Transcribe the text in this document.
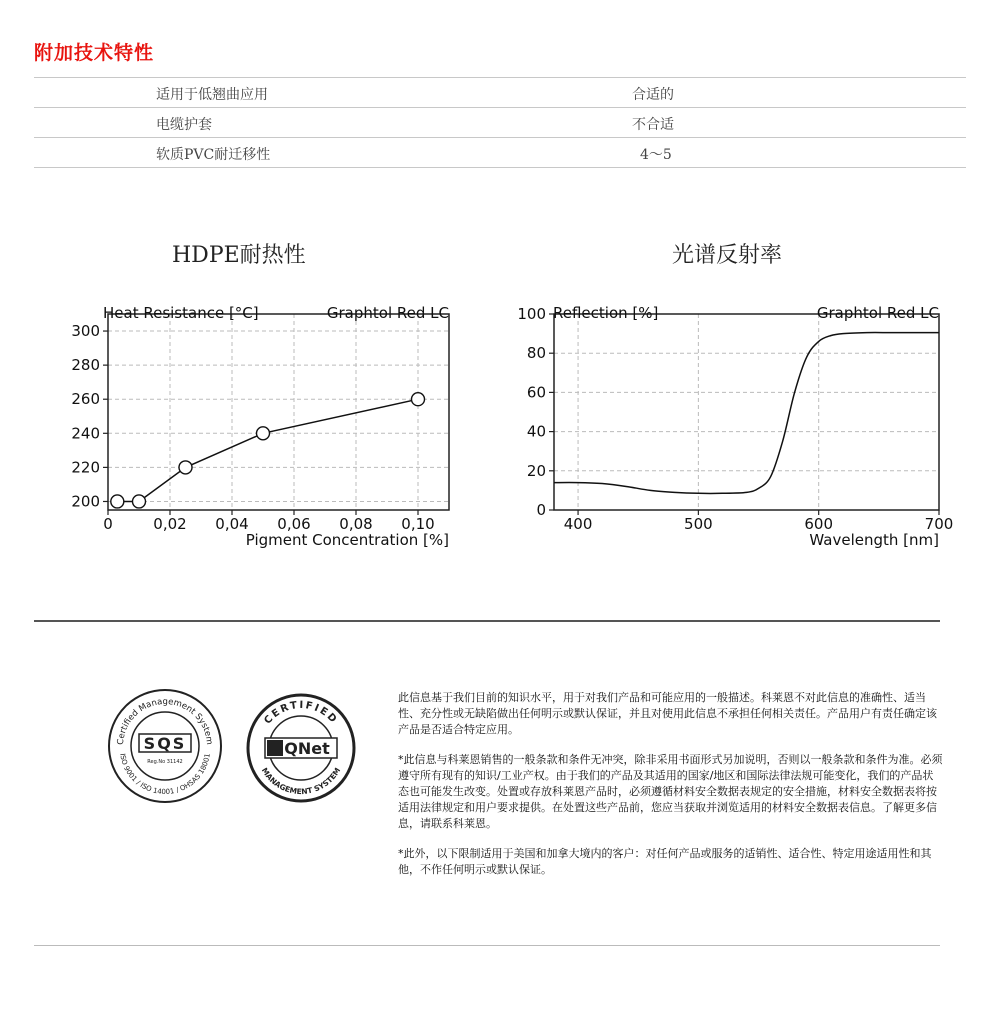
附加技术特性
适用于低翘曲应用	合适的
电缆护套	不合适
软质PVC耐迁移性	4～5
HDPE耐热性	光谱反射率
200
220
240
260
280
300
0	0,02 0,04 0,06 0,08 0,10
Heat Resistance [°C]	Graphtol Red LC
Pigment Concentration [%]
0
20
40
60
80
100
400	500	600	700
Reflection [%]	Graphtol Red LC
Wavelength [nm]
Certified Management System
ISO 9001 / ISO 14001 / OHSAS 18001
SQS
Reg.No 31142
CERTIFIED
MANAGEMENT SYSTEM
IQNet

此信息基于我们目前的知识水平，用于对我们产品和可能应用的一般描述。科莱恩不对此信息的准确性、适当性、充分性或无缺陷做出任何明示或默认保证，并且对使用此信息不承担任何相关责任。产品用户有责任确定该产品是否适合特定应用。

*此信息与科莱恩销售的一般条款和条件无冲突，除非采用书面形式另加说明，否则以一般条款和条件为准。必须遵守所有现有的知识/工业产权。由于我们的产品及其适用的国家/地区和国际法律法规可能变化，我们的产品状态也可能发生改变。处置或存放科莱恩产品时，必须遵循材料安全数据表规定的安全措施，材料安全数据表将按适用法律规定和用户要求提供。在处置这些产品前，您应当获取并浏览适用的材料安全数据表信息。了解更多信息，请联系科莱恩。

*此外，以下限制适用于美国和加拿大境内的客户：对任何产品或服务的适销性、适合性、特定用途适用性和其他，不作任何明示或默认保证。
